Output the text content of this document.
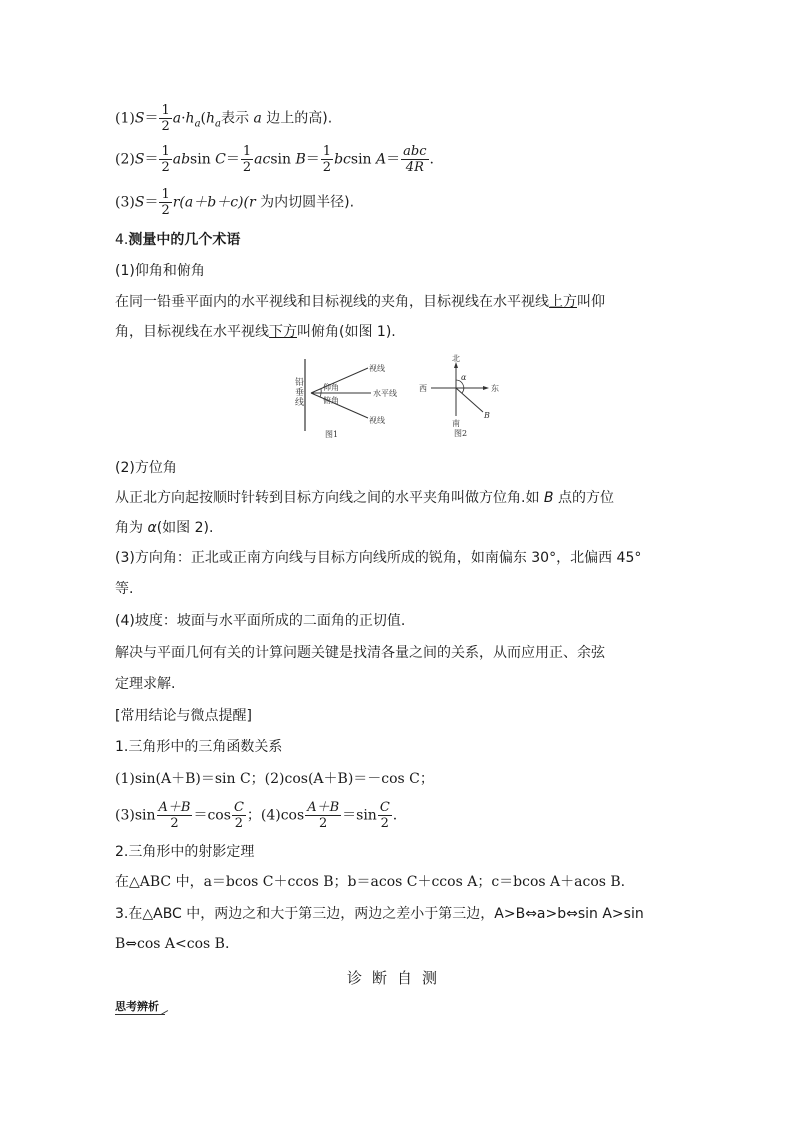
$(1)S= \frac{1}{2} a\cdot h_a(h_a$表示 a 边上的高).
$(2)S= \frac{1}{2}$ absin $C= \frac{1}{2}$ acsin $B= \frac{1}{2}$ bcsin $A= \frac{\text{abc}}{4R}$ .
$(3)S= \frac{1}{2} r(a+b+c)(r$ 为内切圆半径).
4.测量中的几个术语
(1)仰角和俯角
在同一铅垂平面内的水平视线和目标视线的夹角，目标视线在水平视线上方叫仰
角，目标视线在水平视线下方叫俯角(如图 1).
铅
垂
线
视线
仰角
水平线
俯角
视线
图1
北
西	东
南
α
B
图2
(2)方位角
从正北方向起按顺时针转到目标方向线之间的水平夹角叫做方位角.如 B 点的方位
角为 α(如图 2).
(3)方向角：正北或正南方向线与目标方向线所成的锐角，如南偏东 30°，北偏西 45°
等.
(4)坡度：坡面与水平面所成的二面角的正切值.
解决与平面几何有关的计算问题关键是找清各量之间的关系，从而应用正、余弦
定理求解.
[常用结论与微点提醒]
1.三角形中的三角函数关系
(1)sin(A＋B)＝sin C；(2)cos(A＋B)＝－cos C；
$(3)\sin \frac{A+B}{2} =\cos \frac{C}{2}$ ；$(4)\cos \frac{A+B}{2} =\sin \frac{C}{2}$ .
2.三角形中的射影定理
在△ABC 中，a＝bcos C＋ccos B；b＝acos C＋ccos A；c＝bcos A＋acos B.
3.在△ABC 中，两边之和大于第三边，两边之差小于第三边，A>B⇔a>b⇔sin A>sin
B⇔cos A<cos B.
诊断自测
思考辨析
